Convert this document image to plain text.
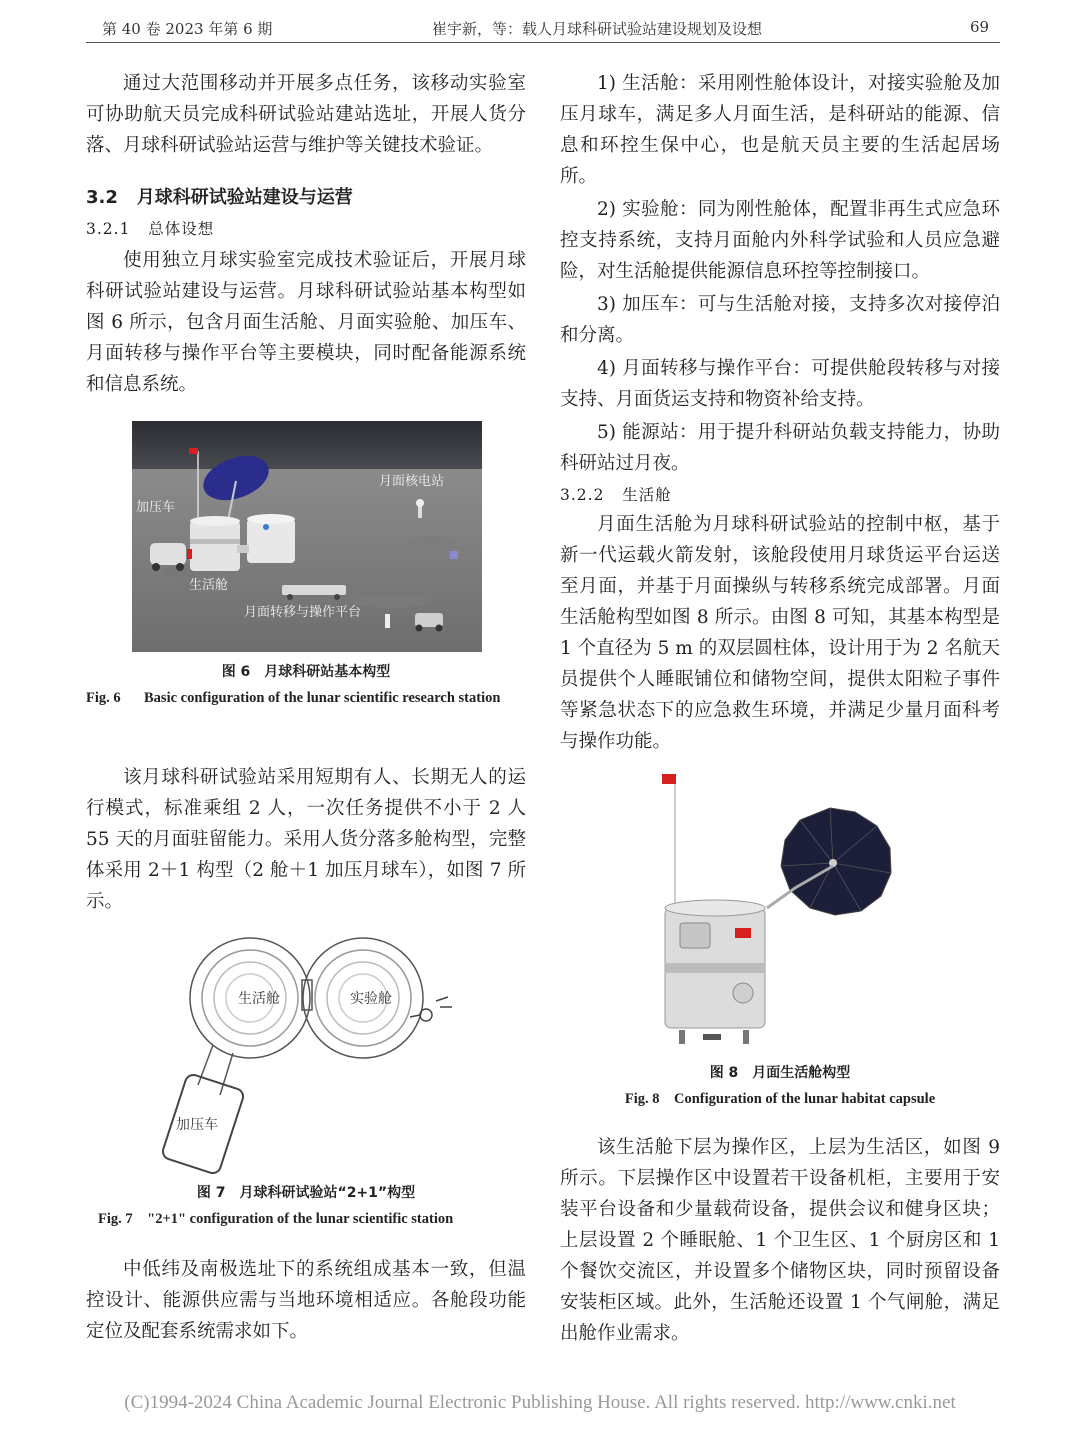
第 40 卷 2023 年第 6 期	崔宇新，等：载人月球科研试验站建设规划及设想	69

通过大范围移动并开展多点任务，该移动实验室可协助航天员完成科研试验站建站选址，开展人货分落、月球科研试验站运营与维护等关键技术验证。

3.2 月球科研试验站建设与运营

3.2.1 总体设想

使用独立月球实验室完成技术验证后，开展月球科研试验站建设与运营。月球科研试验站基本构型如图 6 所示，包含月面生活舱、月面实验舱、加压车、月面转移与操作平台等主要模块，同时配备能源系统和信息系统。

加压车
月面核电站
生活舱
月面转移与操作平台
图 6　月球科研站基本构型
Fig. 6	Basic configuration of the lunar scientific research station

该月球科研试验站采用短期有人、长期无人的运行模式，标准乘组 2 人，一次任务提供不小于 2 人 55 天的月面驻留能力。采用人货分落多舱构型，完整体采用 2＋1 构型（2 舱＋1 加压月球车），如图 7 所示。

生活舱	实验舱
加压车
图 7　月球科研试验站“2+1”构型
Fig. 7 "2+1" configuration of the lunar scientific station

中低纬及南极选址下的系统组成基本一致，但温控设计、能源供应需与当地环境相适应。各舱段功能定位及配套系统需求如下。

1) 生活舱：采用刚性舱体设计，对接实验舱及加压月球车，满足多人月面生活，是科研站的能源、信息和环控生保中心，也是航天员主要的生活起居场所。

2) 实验舱：同为刚性舱体，配置非再生式应急环控支持系统，支持月面舱内外科学试验和人员应急避险，对生活舱提供能源信息环控等控制接口。

3) 加压车：可与生活舱对接，支持多次对接停泊和分离。

4) 月面转移与操作平台：可提供舱段转移与对接支持、月面货运支持和物资补给支持。

5) 能源站：用于提升科研站负载支持能力，协助科研站过月夜。

3.2.2 生活舱

月面生活舱为月球科研试验站的控制中枢，基于新一代运载火箭发射，该舱段使用月球货运平台运送至月面，并基于月面操纵与转移系统完成部署。月面生活舱构型如图 8 所示。由图 8 可知，其基本构型是 1 个直径为 5 m 的双层圆柱体，设计用于为 2 名航天员提供个人睡眠铺位和储物空间，提供太阳粒子事件等紧急状态下的应急救生环境，并满足少量月面科考与操作功能。

图 8　月面生活舱构型
Fig. 8 Configuration of the lunar habitat capsule

该生活舱下层为操作区，上层为生活区，如图 9 所示。下层操作区中设置若干设备机柜，主要用于安装平台设备和少量载荷设备，提供会议和健身区块；上层设置 2 个睡眠舱、1 个卫生区、1 个厨房区和 1 个餐饮交流区，并设置多个储物区块，同时预留设备安装柜区域。此外，生活舱还设置 1 个气闸舱，满足出舱作业需求。

(C)1994-2024 China Academic Journal Electronic Publishing House. All rights reserved. http://www.cnki.net
